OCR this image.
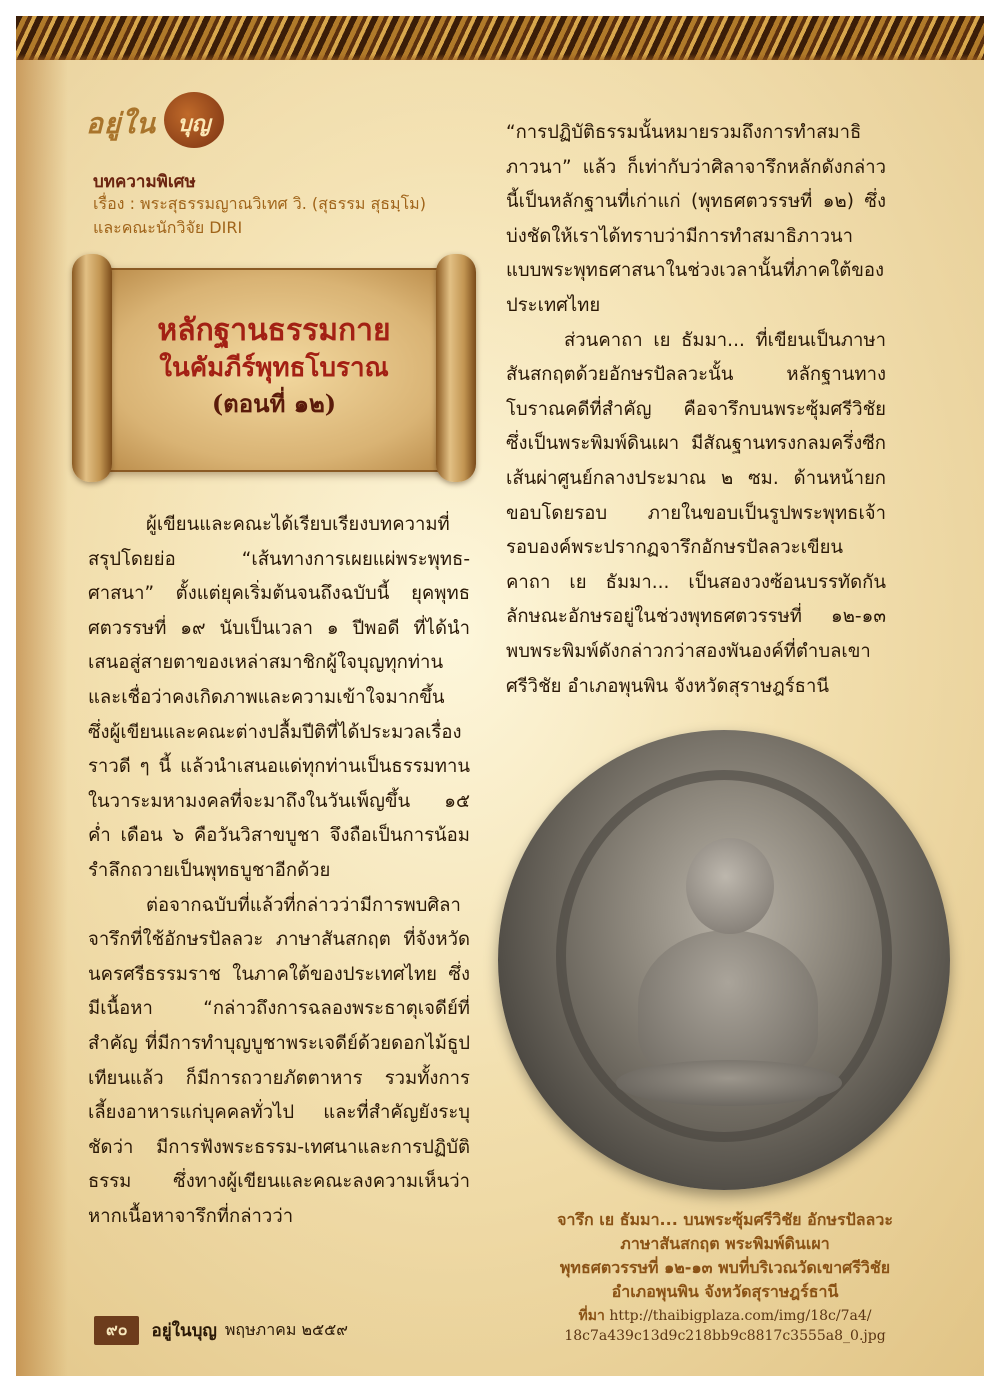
อยู่ใน บุญ
บทความพิเศษ
เรื่อง : พระสุธรรมญาณวิเทศ วิ. (สุธรรม สุธมฺโม)
และคณะนักวิจัย DIRI
หลักฐานธรรมกาย
ในคัมภีร์พุทธโบราณ
(ตอนที่ ๑๒)

ผู้เขียนและคณะได้เรียบเรียงบทความที่สรุปโดยย่อ “เส้นทางการเผยแผ่พระพุทธ-ศาสนา” ตั้งแต่ยุคเริ่มต้นจนถึงฉบับนี้ ยุคพุทธศตวรรษที่ ๑๙ นับเป็นเวลา ๑ ปีพอดี ที่ได้นำเสนอสู่สายตาของเหล่าสมาชิกผู้ใจบุญทุกท่าน และเชื่อว่าคงเกิดภาพและความเข้าใจมากขึ้น ซึ่งผู้เขียนและคณะต่างปลื้มปีติที่ได้ประมวลเรื่องราวดี ๆ นี้ แล้วนำเสนอแด่ทุกท่านเป็นธรรมทาน ในวาระมหามงคลที่จะมาถึงในวันเพ็ญขึ้น ๑๕ ค่ำ เดือน ๖ คือวันวิสาขบูชา จึงถือเป็นการน้อมรำลึกถวายเป็นพุทธบูชาอีกด้วย

ต่อจากฉบับที่แล้วที่กล่าวว่ามีการพบศิลาจารึกที่ใช้อักษรปัลลวะ ภาษาสันสกฤต ที่จังหวัดนครศรีธรรมราช ในภาคใต้ของประเทศไทย ซึ่งมีเนื้อหา “กล่าวถึงการฉลองพระธาตุเจดีย์ที่สำคัญ ที่มีการทำบุญบูชาพระเจดีย์ด้วยดอกไม้ธูปเทียนแล้ว ก็มีการถวายภัตตาหาร รวมทั้งการเลี้ยงอาหารแก่บุคคลทั่วไป และที่สำคัญยังระบุชัดว่า มีการฟังพระธรรม-เทศนาและการปฏิบัติธรรม ซึ่งทางผู้เขียนและคณะลงความเห็นว่า หากเนื้อหาจารึกที่กล่าวว่า

“การปฏิบัติธรรมนั้นหมายรวมถึงการทำสมาธิภาวนา” แล้ว ก็เท่ากับว่าศิลาจารึกหลักดังกล่าวนี้เป็นหลักฐานที่เก่าแก่ (พุทธศตวรรษที่ ๑๒) ซึ่งบ่งชัดให้เราได้ทราบว่ามีการทำสมาธิภาวนาแบบพระพุทธศาสนาในช่วงเวลานั้นที่ภาคใต้ของประเทศไทย

ส่วนคาถา เย ธัมมา... ที่เขียนเป็นภาษาสันสกฤตด้วยอักษรปัลลวะนั้น หลักฐานทางโบราณคดีที่สำคัญ คือจารึกบนพระซุ้มศรีวิชัย ซึ่งเป็นพระพิมพ์ดินเผา มีสัณฐานทรงกลมครึ่งซีก เส้นผ่าศูนย์กลางประมาณ ๒ ซม. ด้านหน้ายกขอบโดยรอบ ภายในขอบเป็นรูปพระพุทธเจ้า รอบองค์พระปรากฏจารึกอักษรปัลลวะเขียนคาถา เย ธัมมา... เป็นสองวงซ้อนบรรทัดกัน ลักษณะอักษรอยู่ในช่วงพุทธศตวรรษที่ ๑๒-๑๓ พบพระพิมพ์ดังกล่าวกว่าสองพันองค์ที่ตำบลเขาศรีวิชัย อำเภอพุนพิน จังหวัดสุราษฎร์ธานี

จารึก เย ธัมมา... บนพระซุ้มศรีวิชัย อักษรปัลลวะ
ภาษาสันสกฤต พระพิมพ์ดินเผา
พุทธศตวรรษที่ ๑๒-๑๓ พบที่บริเวณวัดเขาศรีวิชัย
อำเภอพุนพิน จังหวัดสุราษฎร์ธานี
ที่มา http://thaibigplaza.com/img/18c/7a4/
18c7a439c13d9c218bb9c8817c3555a8_0.jpg
๙๐	อยู่ในบุญ พฤษภาคม ๒๕๕๙
